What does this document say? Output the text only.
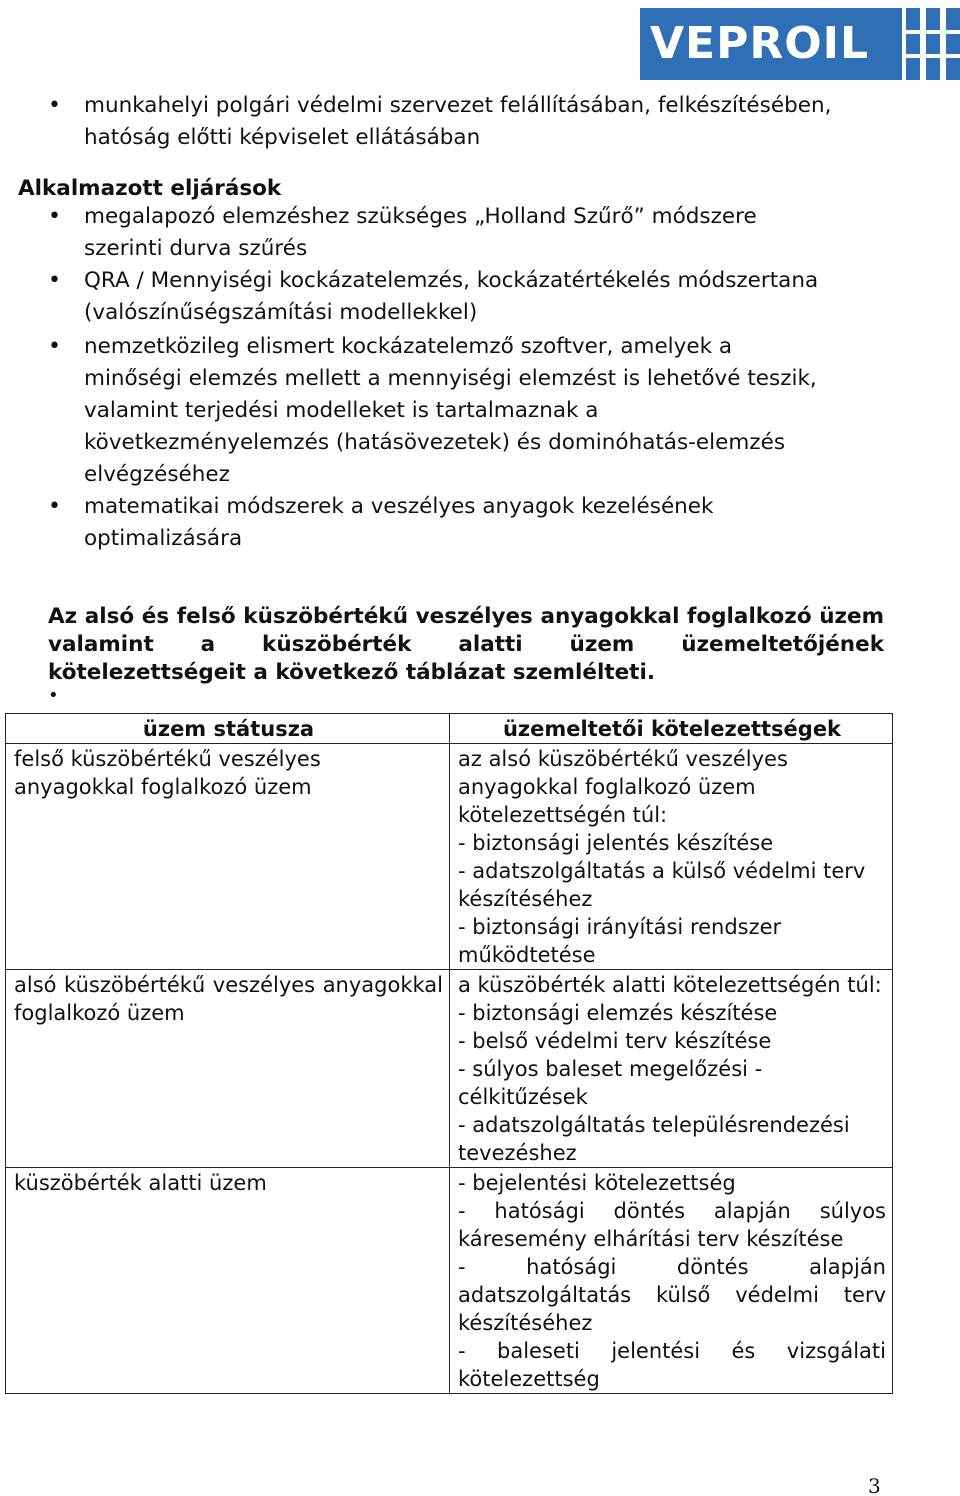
VEPROIL
• munkahelyi polgári védelmi szervezet felállításában, felkészítésében,
hatóság előtti képviselet ellátásában
Alkalmazott eljárások
• megalapozó elemzéshez szükséges „Holland Szűrő” módszere
szerinti durva szűrés
• QRA / Mennyiségi kockázatelemzés, kockázatértékelés módszertana
(valószínűségszámítási modellekkel)
• nemzetközileg elismert kockázatelemző szoftver, amelyek a
minőségi elemzés mellett a mennyiségi elemzést is lehetővé teszik,
valamint terjedési modelleket is tartalmaznak a
következményelemzés (hatásövezetek) és dominóhatás-elemzés
elvégzéséhez
• matematikai módszerek a veszélyes anyagok kezelésének
optimalizására
Az alsó és felső küszöbértékű veszélyes anyagokkal foglalkozó üzem valamint a küszöbérték alatti üzem üzemeltetőjének kötelezettségeit a következő táblázat szemlélteti.
•
üzem státusza	üzemeltetői kötelezettségek

felső küszöbértékű veszélyes anyagokkal foglalkozó üzem	az alsó küszöbértékű veszélyes anyagokkal foglalkozó üzem kötelezettségén túl:
- biztonsági jelentés készítése
- adatszolgáltatás a külső védelmi terv készítéséhez
- biztonsági irányítási rendszer működtetése

alsó küszöbértékű veszélyes anyagokkal foglalkozó üzem	a küszöbérték alatti kötelezettségén túl:
- biztonsági elemzés készítése
- belső védelmi terv készítése
- súlyos baleset megelőzési - célkitűzések
- adatszolgáltatás településrendezési tevezéshez

küszöbérték alatti üzem	- bejelentési kötelezettség
- hatósági döntés alapján súlyos káresemény elhárítási terv készítése
- hatósági döntés alapján adatszolgáltatás külső védelmi terv készítéséhez
- baleseti jelentési és vizsgálati kötelezettség
3
